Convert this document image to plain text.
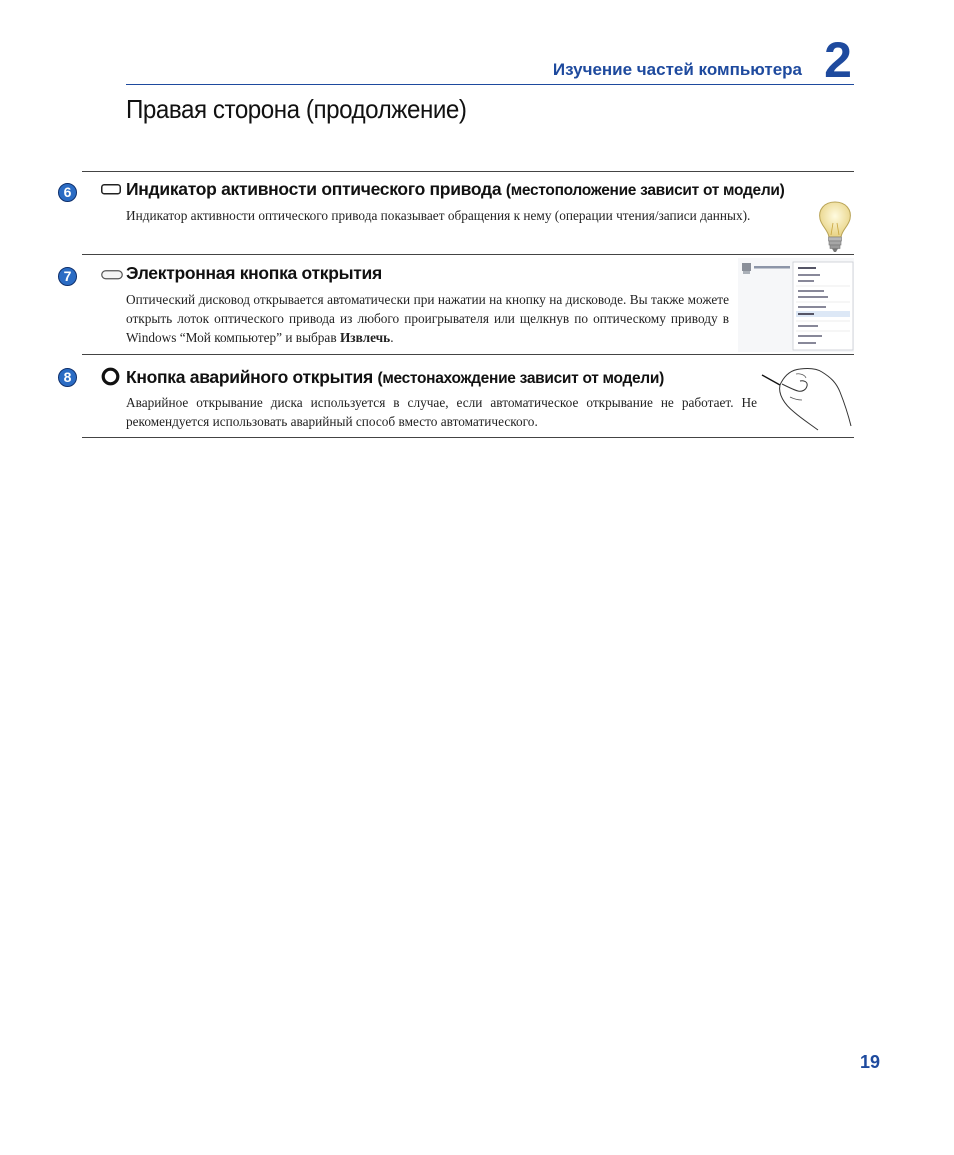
Изучение частей компьютера 2
Правая сторона (продолжение)
6	Индикатор активности оптического привода (местоположение зависит от модели)
Индикатор активности оптического привода показывает обращения к нему (операции чтения/записи данных).
7	Электронная кнопка открытия
Оптический дисковод открывается автоматически при нажатии на кнопку на дисководе. Вы также можете открыть лоток оптического привода из любого проигрывателя или щелкнув по оптическому приводу в Windows “Мой компьютер” и выбрав Извлечь.
8	Кнопка аварийного открытия (местонахождение зависит от модели)
Аварийное открывание диска используется в случае, если автоматическое открывание не работает. Не рекомендуется использовать аварийный способ вместо автоматического.
19
